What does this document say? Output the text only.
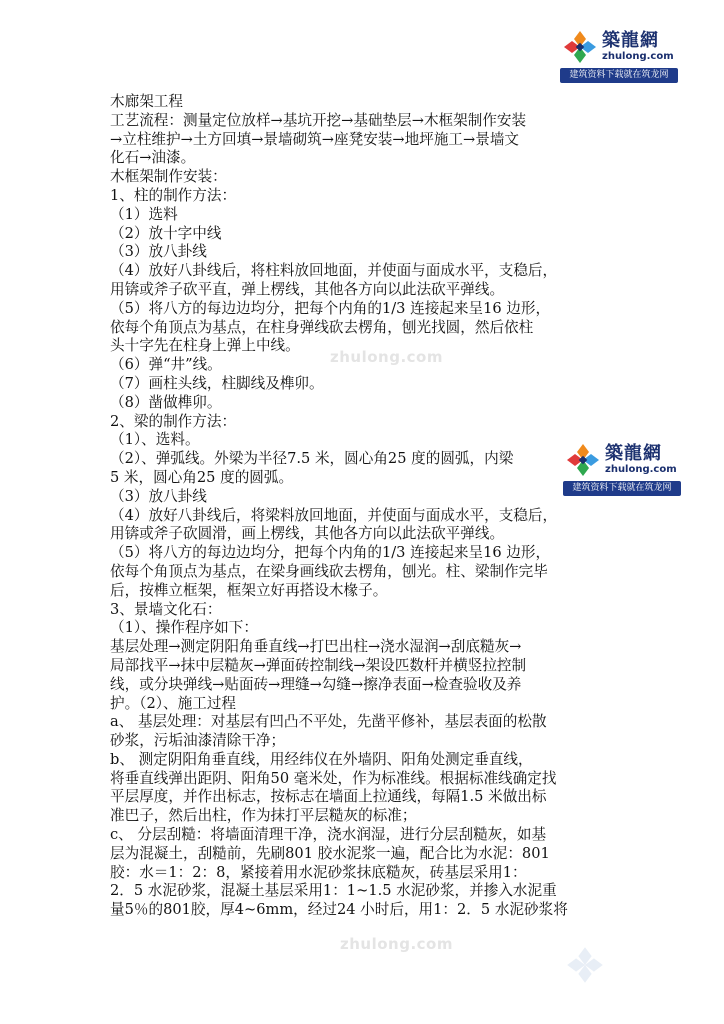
築龍網
zhulong.com
建筑资料下载就在筑龙网
築龍網
zhulong.com
建筑资料下载就在筑龙网
zhulong.com
zhulong.com

木廊架工程

工艺流程：测量定位放样→基坑开挖→基础垫层→木框架制作安装

→立柱维护→土方回填→景墙砌筑→座凳安装→地坪施工→景墙文

化石→油漆。

木框架制作安装：

1、柱的制作方法：

（1）选料

（2）放十字中线

（3）放八卦线

（4）放好八卦线后，将柱料放回地面，并使面与面成水平，支稳后，

用锛或斧子砍平直，弹上楞线，其他各方向以此法砍平弹线。

（5）将八方的每边边均分，把每个内角的1/3 连接起来呈16 边形，

依每个角顶点为基点，在柱身弹线砍去楞角，刨光找圆，然后依柱

头十字先在柱身上弹上中线。

（6）弹“井”线。

（7）画柱头线，柱脚线及榫卯。

（8）凿做榫卯。

2、梁的制作方法：

（1）、选料。

（2）、弹弧线。外梁为半径7.5 米，圆心角25 度的圆弧，内梁

5 米，圆心角25 度的圆弧。

（3）放八卦线

（4）放好八卦线后，将梁料放回地面，并使面与面成水平，支稳后，

用锛或斧子砍圆滑，画上楞线，其他各方向以此法砍平弹线。

（5）将八方的每边边均分，把每个内角的1/3 连接起来呈16 边形，

依每个角顶点为基点，在梁身画线砍去楞角，刨光。柱、梁制作完毕

后，按榫立框架，框架立好再搭设木椽子。

3、景墙文化石：

（1）、操作程序如下：

基层处理→测定阴阳角垂直线→打巴出柱→浇水湿润→刮底糙灰→

局部找平→抹中层糙灰→弹面砖控制线→架设匹数杆并横竖拉控制

线，或分块弹线→贴面砖→理缝→勾缝→擦净表面→检查验收及养

护。（2）、施工过程

a、 基层处理：对基层有凹凸不平处，先凿平修补，基层表面的松散

砂浆，污垢油漆清除干净；

b、 测定阴阳角垂直线，用经纬仪在外墙阴、阳角处测定垂直线，

将垂直线弹出距阴、阳角50 毫米处，作为标准线。根据标准线确定找

平层厚度，并作出标志，按标志在墙面上拉通线，每隔1.5 米做出标

准巴子，然后出柱，作为抹打平层糙灰的标准；

c、 分层刮糙：将墙面清理干净，浇水润湿，进行分层刮糙灰，如基

层为混凝土，刮糙前，先刷801 胶水泥浆一遍，配合比为水泥：801

胶：水＝1：2：8，紧接着用水泥砂浆抹底糙灰，砖基层采用1：

2．5 水泥砂浆，混凝土基层采用1：1~1.5 水泥砂浆，并掺入水泥重

量5％的801胶，厚4~6mm，经过24 小时后，用1：2．5 水泥砂浆将
